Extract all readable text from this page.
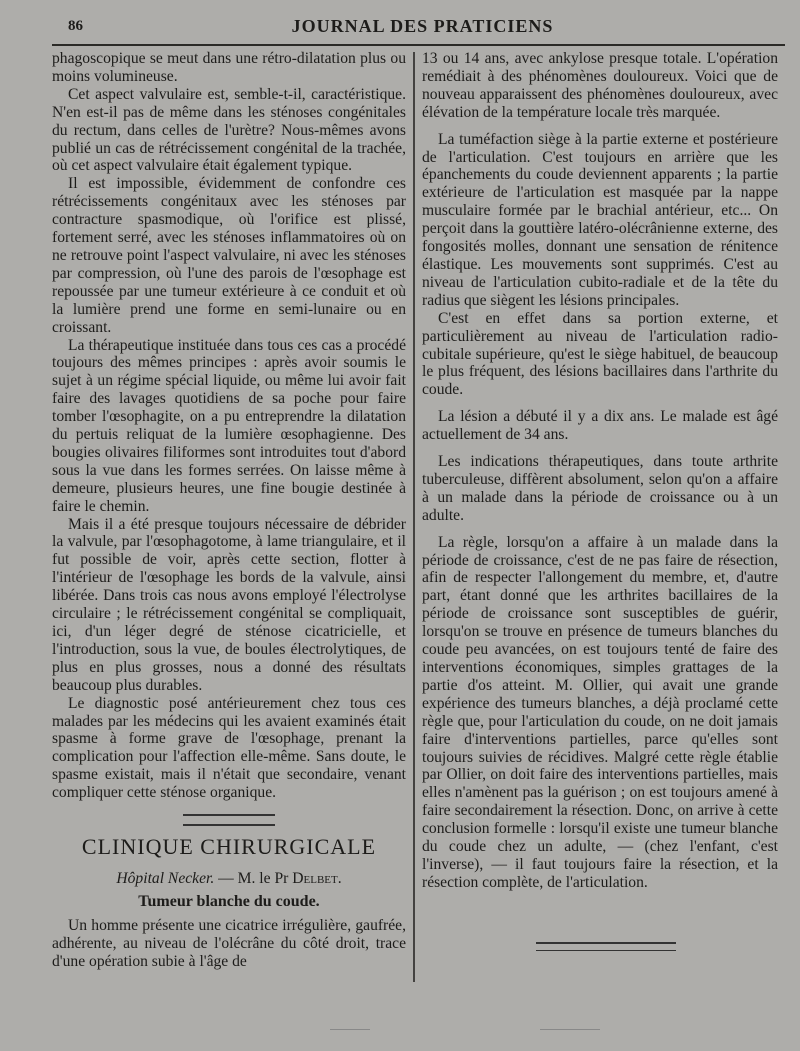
86	JOURNAL DES PRATICIENS

phagoscopique se meut dans une rétro-dilatation plus ou moins volumineuse.

Cet aspect valvulaire est, semble-t-il, caractéristique. N'en est-il pas de même dans les sténoses congénitales du rectum, dans celles de l'urètre? Nous-mêmes avons publié un cas de rétrécissement congénital de la trachée, où cet aspect valvulaire était également typique.

Il est impossible, évidemment de confondre ces rétrécissements congénitaux avec les sténoses par contracture spasmodique, où l'orifice est plissé, fortement serré, avec les sténoses inflammatoires où on ne retrouve point l'aspect valvulaire, ni avec les sténoses par compression, où l'une des parois de l'œsophage est repoussée par une tumeur extérieure à ce conduit et où la lumière prend une forme en semi-lunaire ou en croissant.

La thérapeutique instituée dans tous ces cas a procédé toujours des mêmes principes : après avoir soumis le sujet à un régime spécial liquide, ou même lui avoir fait faire des lavages quotidiens de sa poche pour faire tomber l'œsophagite, on a pu entreprendre la dilatation du pertuis reliquat de la lumière œsophagienne. Des bougies olivaires filiformes sont introduites tout d'abord sous la vue dans les formes serrées. On laisse même à demeure, plusieurs heures, une fine bougie destinée à faire le chemin.

Mais il a été presque toujours nécessaire de débrider la valvule, par l'œsophagotome, à lame triangulaire, et il fut possible de voir, après cette section, flotter à l'intérieur de l'œsophage les bords de la valvule, ainsi libérée. Dans trois cas nous avons employé l'électrolyse circulaire ; le rétrécissement congénital se compliquait, ici, d'un léger degré de sténose cicatricielle, et l'introduction, sous la vue, de boules électrolytiques, de plus en plus grosses, nous a donné des résultats beaucoup plus durables.

Le diagnostic posé antérieurement chez tous ces malades par les médecins qui les avaient examinés était spasme à forme grave de l'œsophage, prenant la complication pour l'affection elle-même. Sans doute, le spasme existait, mais il n'était que secondaire, venant compliquer cette sténose organique.

CLINIQUE CHIRURGICALE
Hôpital Necker. — M. le Pr Delbet.
Tumeur blanche du coude.

Un homme présente une cicatrice irrégulière, gaufrée, adhérente, au niveau de l'olécrâne du côté droit, trace d'une opération subie à l'âge de

13 ou 14 ans, avec ankylose presque totale. L'opération remédiait à des phénomènes douloureux. Voici que de nouveau apparaissent des phénomènes douloureux, avec élévation de la température locale très marquée.

La tuméfaction siège à la partie externe et postérieure de l'articulation. C'est toujours en arrière que les épanchements du coude deviennent apparents ; la partie extérieure de l'articulation est masquée par la nappe musculaire formée par le brachial antérieur, etc... On perçoit dans la gouttière latéro-olécrânienne externe, des fongosités molles, donnant une sensation de rénitence élastique. Les mouvements sont supprimés. C'est au niveau de l'articulation cubito-radiale et de la tête du radius que siègent les lésions principales.

C'est en effet dans sa portion externe, et particulièrement au niveau de l'articulation radio-cubitale supérieure, qu'est le siège habituel, de beaucoup le plus fréquent, des lésions bacillaires dans l'arthrite du coude.

La lésion a débuté il y a dix ans. Le malade est âgé actuellement de 34 ans.

Les indications thérapeutiques, dans toute arthrite tuberculeuse, diffèrent absolument, selon qu'on a affaire à un malade dans la période de croissance ou à un adulte.

La règle, lorsqu'on a affaire à un malade dans la période de croissance, c'est de ne pas faire de résection, afin de respecter l'allongement du membre, et, d'autre part, étant donné que les arthrites bacillaires de la période de croissance sont susceptibles de guérir, lorsqu'on se trouve en présence de tumeurs blanches du coude peu avancées, on est toujours tenté de faire des interventions économiques, simples grattages de la partie d'os atteint. M. Ollier, qui avait une grande expérience des tumeurs blanches, a déjà proclamé cette règle que, pour l'articulation du coude, on ne doit jamais faire d'interventions partielles, parce qu'elles sont toujours suivies de récidives. Malgré cette règle établie par Ollier, on doit faire des interventions partielles, mais elles n'amènent pas la guérison ; on est toujours amené à faire secondairement la résection. Donc, on arrive à cette conclusion formelle : lorsqu'il existe une tumeur blanche du coude chez un adulte, — (chez l'enfant, c'est l'inverse), — il faut toujours faire la résection, et la résection complète, de l'articulation.
